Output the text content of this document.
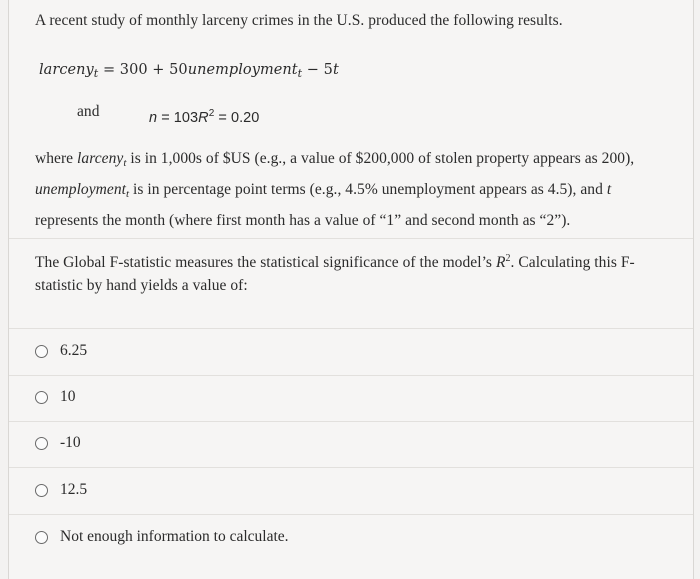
A recent study of monthly larceny crimes in the U.S. produced the following results.
larceny$_t$ = 300 + 50unemployment$_t$ − 5t
and	$n = 103R^2 = 0.20$
where larcenyt is in 1,000s of $US (e.g., a value of $200,000 of stolen property appears as 200),
unemploymentt is in percentage point terms (e.g., 4.5% unemployment appears as 4.5), and t
represents the month (where first month has a value of “1” and second month as “2”).
The Global F-statistic measures the statistical significance of the model’s $R^2$. Calculating this F-
statistic by hand yields a value of:
6.25
10
-10
12.5
Not enough information to calculate.
